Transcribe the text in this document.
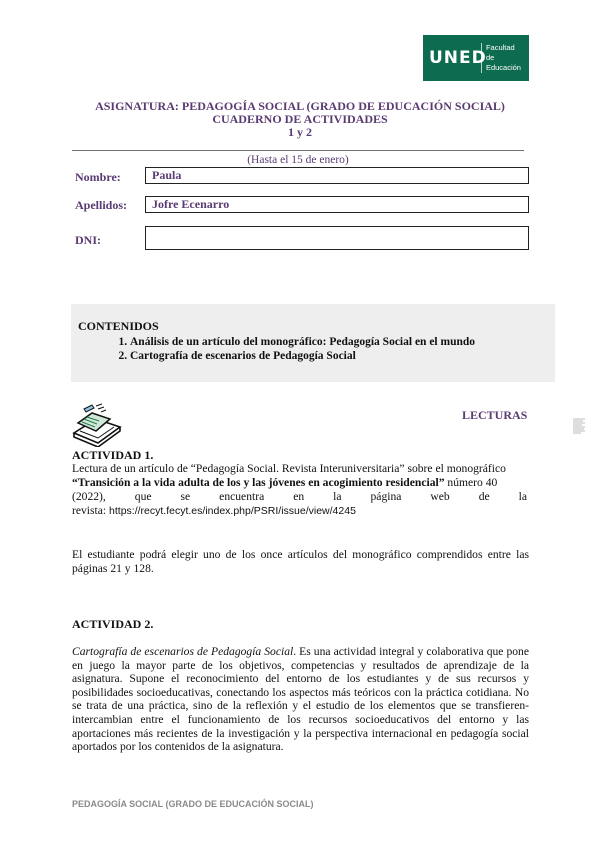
UNED
Facultad
de Educación
ASIGNATURA: PEDAGOGÍA SOCIAL (GRADO DE EDUCACIÓN SOCIAL)
CUADERNO DE ACTIVIDADES
1 y 2
(Hasta el 15 de enero)
Nombre:	Paula
Apellidos:	Jofre Ecenarro
DNI:
CONTENIDOS
1. Análisis de un artículo del monográfico: Pedagogía Social en el mundo
2. Cartografía de escenarios de Pedagogía Social
LECTURAS
ACTIVIDAD 1.
Lectura de un artículo de “Pedagogía Social. Revista Interuniversitaria” sobre el monográfico
“Transición a la vida adulta de los y las jóvenes en acogimiento residencial” número 40
(2022), que se encuentra en la página web de la
revista: https://recyt.fecyt.es/index.php/PSRI/issue/view/4245
El estudiante podrá elegir uno de los once artículos del monográfico comprendidos entre las páginas 21 y 128.
ACTIVIDAD 2.
Cartografía de escenarios de Pedagogía Social. Es una actividad integral y colaborativa que pone en juego la mayor parte de los objetivos, competencias y resultados de aprendizaje de la asignatura. Supone el reconocimiento del entorno de los estudiantes y de sus recursos y posibilidades socioeducativas, conectando los aspectos más teóricos con la práctica cotidiana. No se trata de una práctica, sino de la reflexión y el estudio de los elementos que se transfieren-intercambian entre el funcionamiento de los recursos socioeducativos del entorno y las aportaciones más recientes de la investigación y la perspectiva internacional en pedagogía social aportados por los contenidos de la asignatura.
PEDAGOGÍA SOCIAL (GRADO DE EDUCACIÓN SOCIAL)
